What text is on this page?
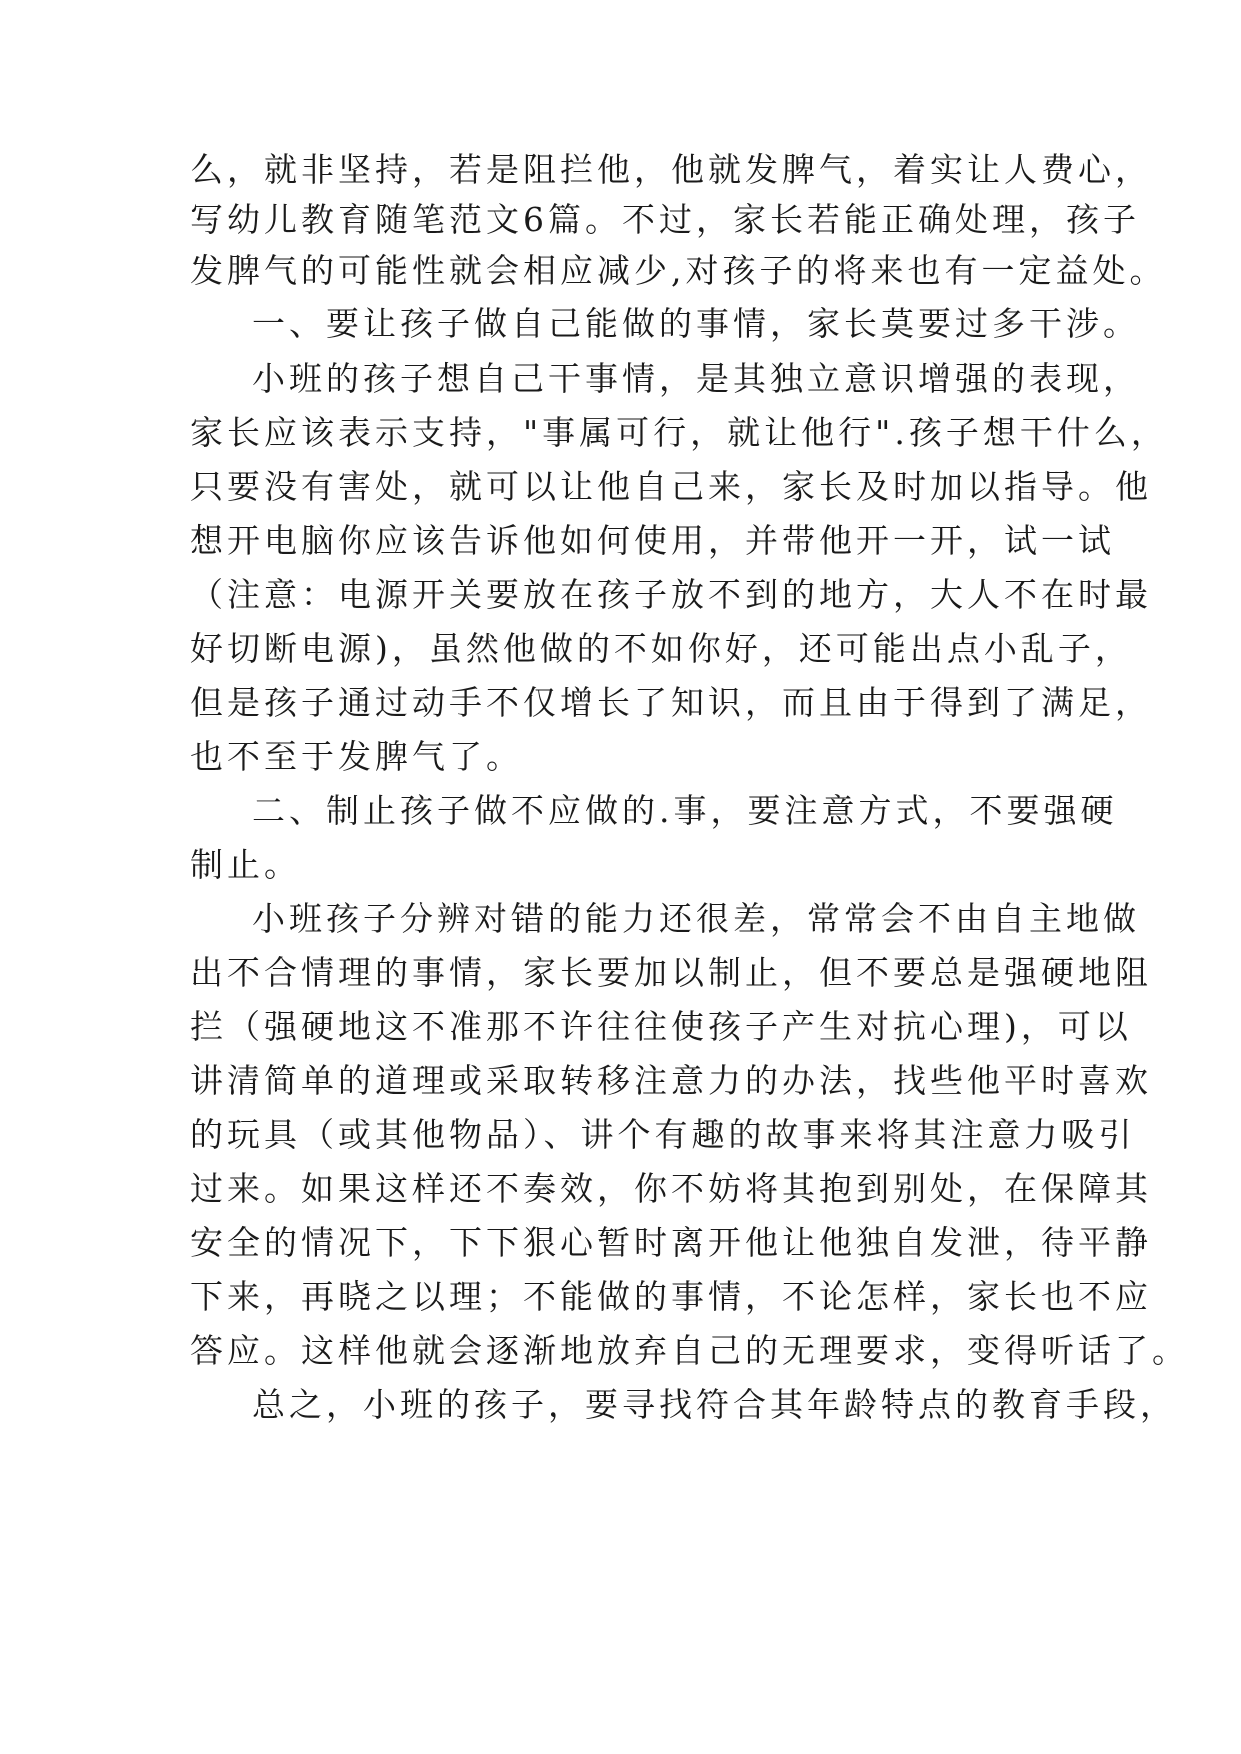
么，就非坚持，若是阻拦他，他就发脾气，着实让人费心，
写幼儿教育随笔范文6篇。不过，家长若能正确处理，孩子
发脾气的可能性就会相应减少,对孩子的将来也有一定益处。
一、要让孩子做自己能做的事情，家长莫要过多干涉。
小班的孩子想自己干事情，是其独立意识增强的表现，
家长应该表示支持，"事属可行，就让他行".孩子想干什么，
只要没有害处，就可以让他自己来，家长及时加以指导。他
想开电脑你应该告诉他如何使用，并带他开一开，试一试
（注意：电源开关要放在孩子放不到的地方，大人不在时最
好切断电源)，虽然他做的不如你好，还可能出点小乱子，
但是孩子通过动手不仅增长了知识，而且由于得到了满足，
也不至于发脾气了。
二、制止孩子做不应做的.事，要注意方式，不要强硬
制止。
小班孩子分辨对错的能力还很差，常常会不由自主地做
出不合情理的事情，家长要加以制止，但不要总是强硬地阻
拦（强硬地这不准那不许往往使孩子产生对抗心理)，可以
讲清简单的道理或采取转移注意力的办法，找些他平时喜欢
的玩具（或其他物品）、讲个有趣的故事来将其注意力吸引
过来。如果这样还不奏效，你不妨将其抱到别处，在保障其
安全的情况下，下下狠心暂时离开他让他独自发泄，待平静
下来，再晓之以理；不能做的事情，不论怎样，家长也不应
答应。这样他就会逐渐地放弃自己的无理要求，变得听话了。
总之，小班的孩子，要寻找符合其年龄特点的教育手段，
